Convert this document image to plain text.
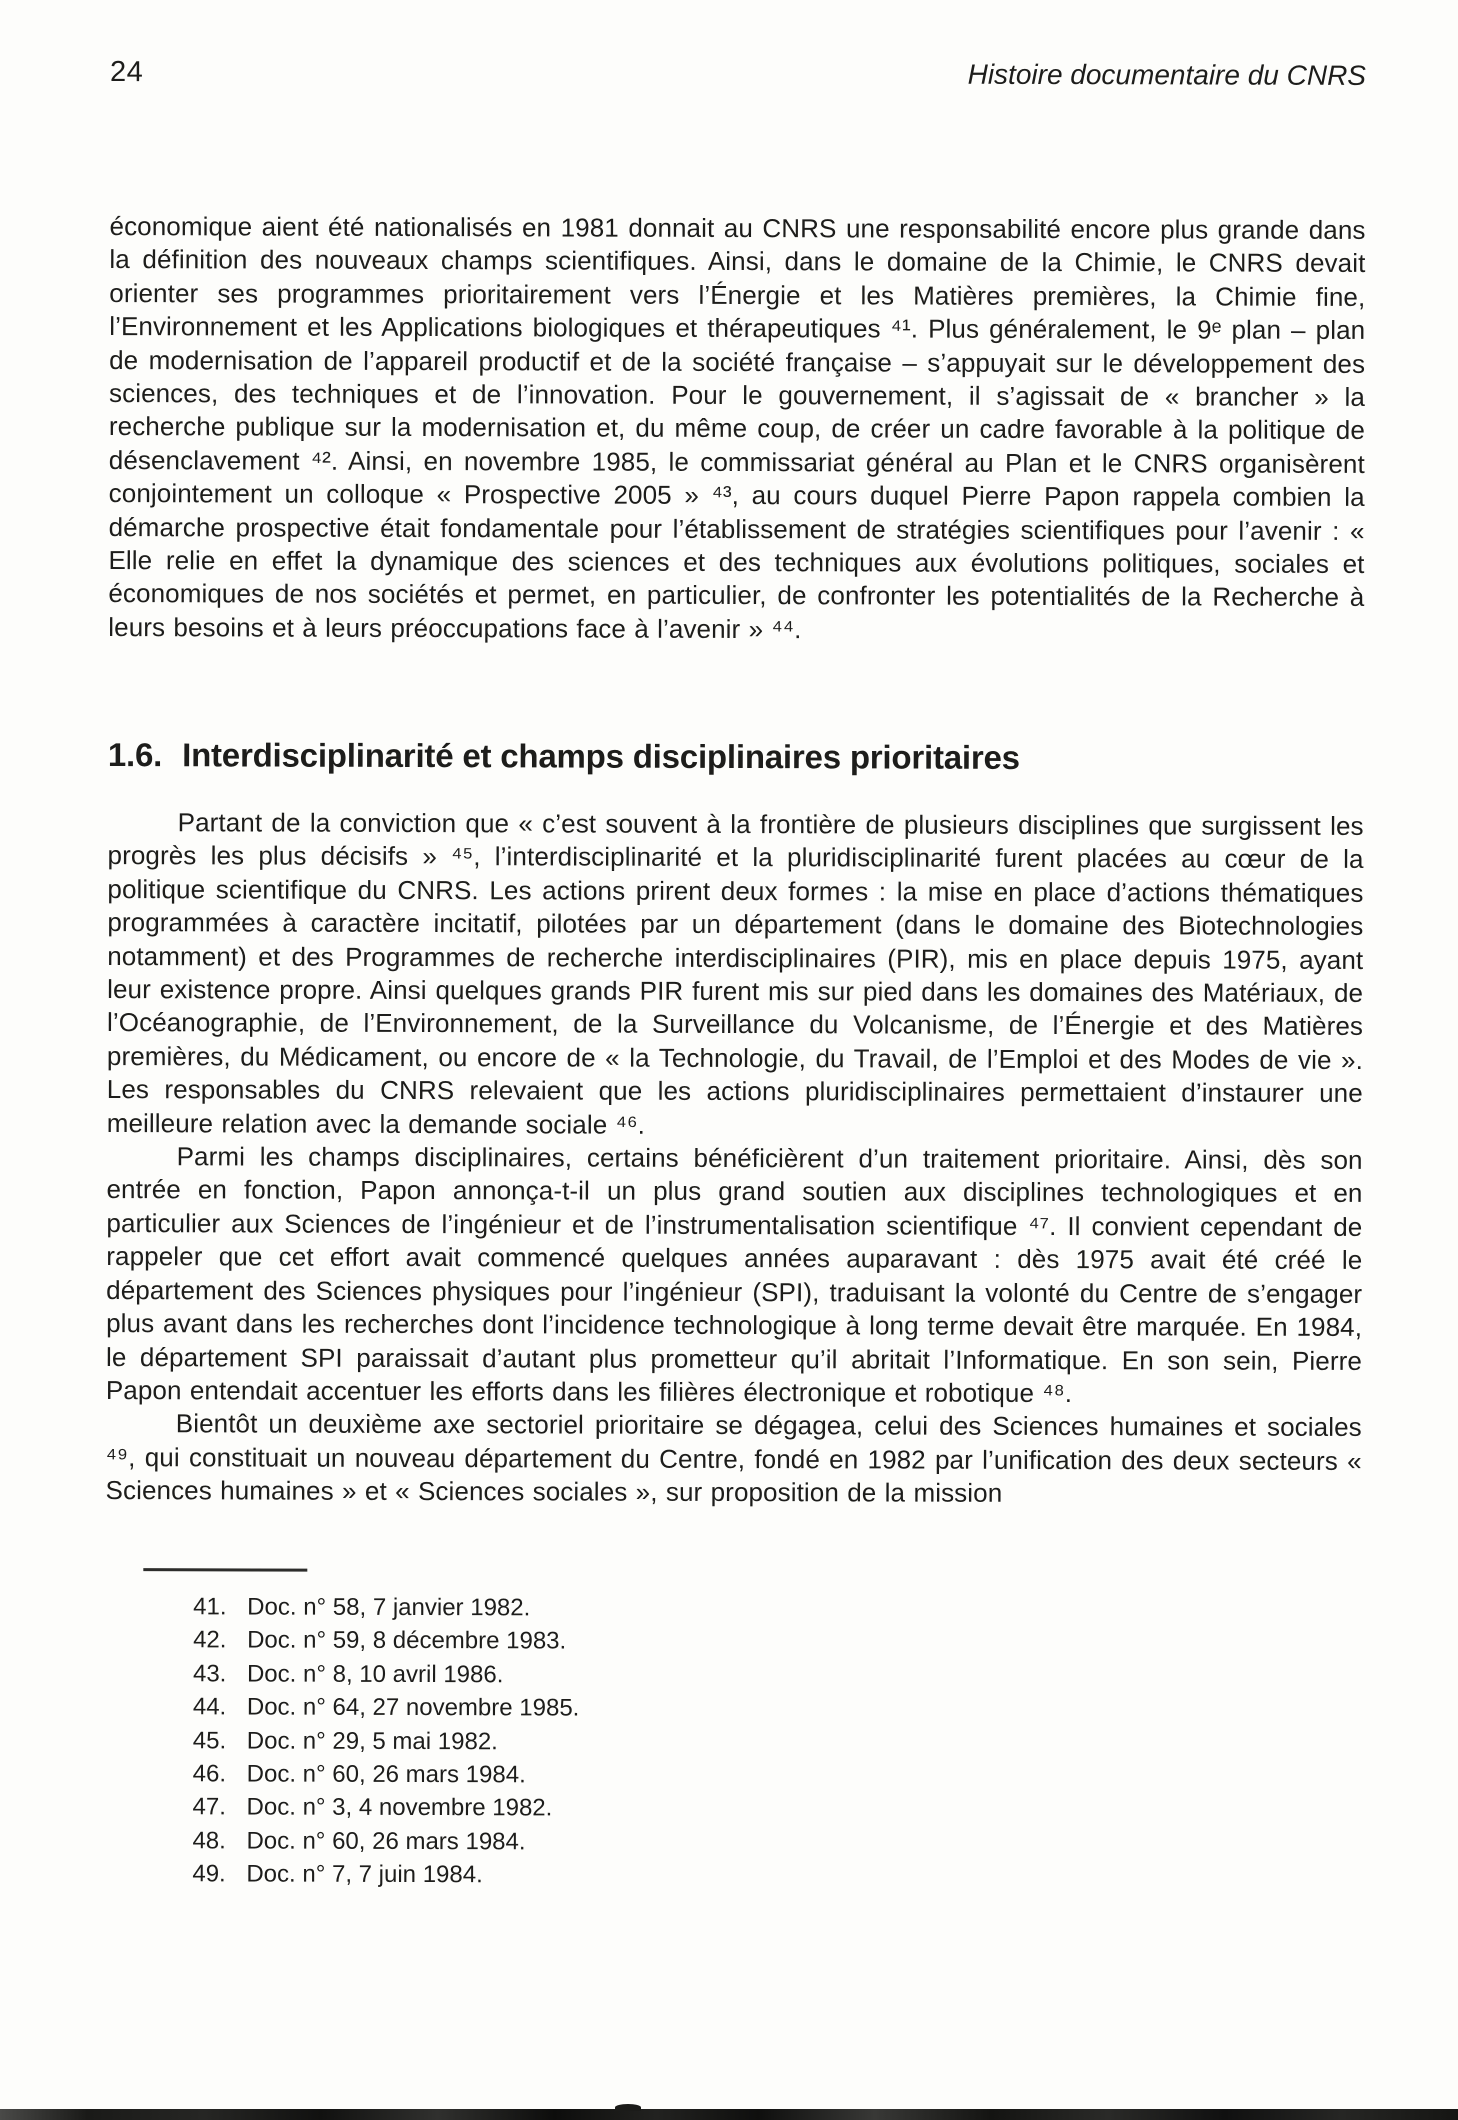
24	Histoire documentaire du CNRS

économique aient été nationalisés en 1981 donnait au CNRS une responsabilité encore plus grande dans la définition des nouveaux champs scientifiques. Ainsi, dans le domaine de la Chimie, le CNRS devait orienter ses programmes prioritairement vers l’Énergie et les Matières premières, la Chimie fine, l’Environnement et les Applications biologiques et thérapeutiques ⁴¹. Plus généralement, le 9ᵉ plan – plan de modernisation de l’appareil productif et de la société française – s’appuyait sur le développement des sciences, des techniques et de l’innovation. Pour le gouvernement, il s’agissait de « brancher » la recherche publique sur la modernisation et, du même coup, de créer un cadre favorable à la politique de désenclavement ⁴². Ainsi, en novembre 1985, le commissariat général au Plan et le CNRS organisèrent conjointement un colloque « Prospective 2005 » ⁴³, au cours duquel Pierre Papon rappela combien la démarche prospective était fondamentale pour l’établissement de stratégies scientifiques pour l’avenir : « Elle relie en effet la dynamique des sciences et des techniques aux évolutions politiques, sociales et économiques de nos sociétés et permet, en particulier, de confronter les potentialités de la Recherche à leurs besoins et à leurs préoccupations face à l’avenir » ⁴⁴.

1.6. Interdisciplinarité et champs disciplinaires prioritaires

Partant de la conviction que « c’est souvent à la frontière de plusieurs disciplines que surgissent les progrès les plus décisifs » ⁴⁵, l’interdisciplinarité et la pluridisciplinarité furent placées au cœur de la politique scientifique du CNRS. Les actions prirent deux formes : la mise en place d’actions thématiques programmées à caractère incitatif, pilotées par un département (dans le domaine des Biotechnologies notamment) et des Programmes de recherche interdisciplinaires (PIR), mis en place depuis 1975, ayant leur existence propre. Ainsi quelques grands PIR furent mis sur pied dans les domaines des Matériaux, de l’Océanographie, de l’Environnement, de la Surveillance du Volcanisme, de l’Énergie et des Matières premières, du Médicament, ou encore de « la Technologie, du Travail, de l’Emploi et des Modes de vie ». Les responsables du CNRS relevaient que les actions pluridisciplinaires permettaient d’instaurer une meilleure relation avec la demande sociale ⁴⁶.

Parmi les champs disciplinaires, certains bénéficièrent d’un traitement prioritaire. Ainsi, dès son entrée en fonction, Papon annonça-t-il un plus grand soutien aux disciplines technologiques et en particulier aux Sciences de l’ingénieur et de l’instrumentalisation scientifique ⁴⁷. Il convient cependant de rappeler que cet effort avait commencé quelques années auparavant : dès 1975 avait été créé le département des Sciences physiques pour l’ingénieur (SPI), traduisant la volonté du Centre de s’engager plus avant dans les recherches dont l’incidence technologique à long terme devait être marquée. En 1984, le département SPI paraissait d’autant plus prometteur qu’il abritait l’Informatique. En son sein, Pierre Papon entendait accentuer les efforts dans les filières électronique et robotique ⁴⁸.

Bientôt un deuxième axe sectoriel prioritaire se dégagea, celui des Sciences humaines et sociales ⁴⁹, qui constituait un nouveau département du Centre, fondé en 1982 par l’unification des deux secteurs « Sciences humaines » et « Sciences sociales », sur proposition de la mission

41. Doc. n° 58, 7 janvier 1982.
42. Doc. n° 59, 8 décembre 1983.
43. Doc. n° 8, 10 avril 1986.
44. Doc. n° 64, 27 novembre 1985.
45. Doc. n° 29, 5 mai 1982.
46. Doc. n° 60, 26 mars 1984.
47. Doc. n° 3, 4 novembre 1982.
48. Doc. n° 60, 26 mars 1984.
49. Doc. n° 7, 7 juin 1984.
